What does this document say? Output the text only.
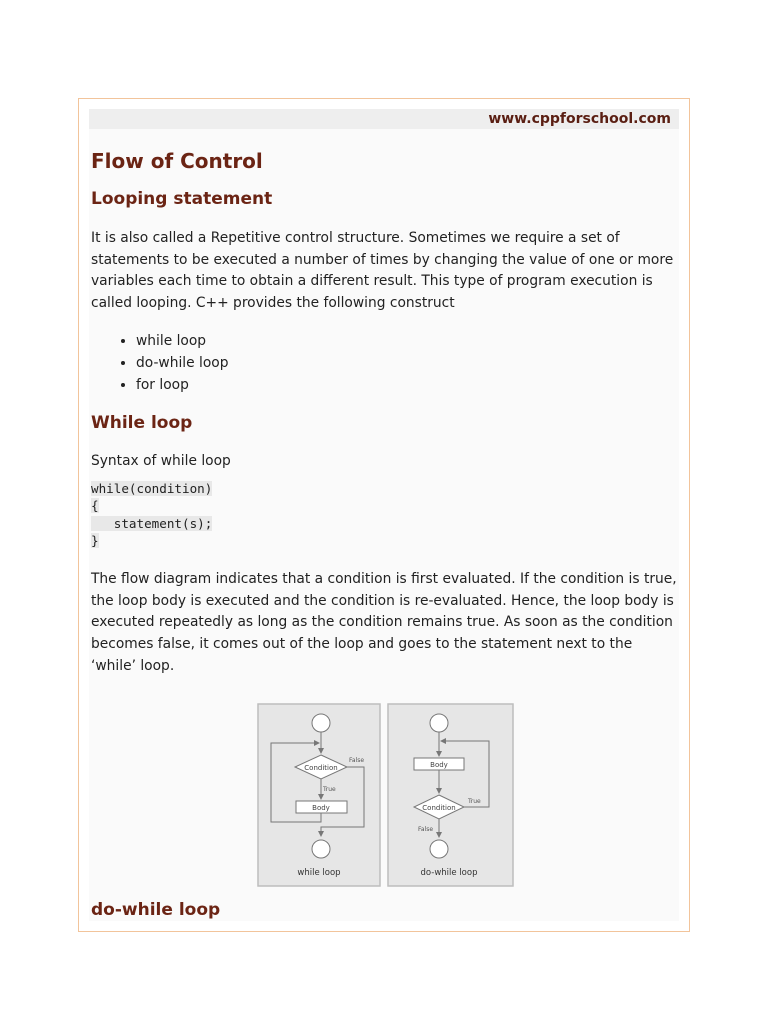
www.cppforschool.com
Flow of Control
Looping statement

It is also called a Repetitive control structure. Sometimes we require a set of statements to be executed a number of times by changing the value of one or more variables each time to obtain a different result. This type of program execution is called looping. C++ provides the following construct

• while loop
• do-while loop
• for loop
While loop

Syntax of while loop

while(condition)
{
statement(s);
}

The flow diagram indicates that a condition is first evaluated. If the condition is true, the loop body is executed and the condition is re-evaluated. Hence, the loop body is executed repeatedly as long as the condition remains true. As soon as the condition becomes false, it comes out of the loop and goes to the statement next to the ‘while’ loop.

Condition
True
Body
False
while loop
Body
Condition
True
False
do-while loop
do-while loop
